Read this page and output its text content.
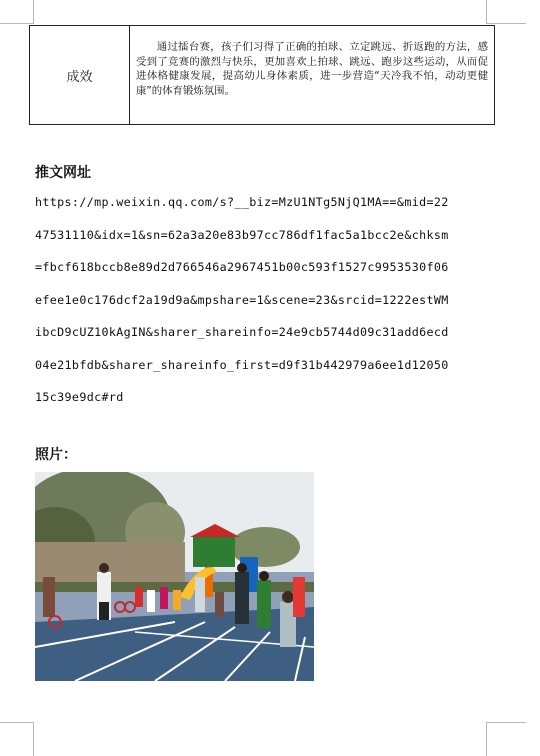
成效
通过擂台赛，孩子们习得了正确的拍球、立定跳远、折返跑的方法，感受到了竞赛的激烈与快乐，更加喜欢上拍球、跳远、跑步这些运动，从而促进体格健康发展，提高幼儿身体素质，进一步营造“天冷我不怕，动动更健康”的体育锻炼氛围。
推文网址
https://mp.weixin.qq.com/s?__biz=MzU1NTg5NjQ1MA==&mid=22
47531110&idx=1&sn=62a3a20e83b97cc786df1fac5a1bcc2e&chksm
=fbcf618bccb8e89d2d766546a2967451b00c593f1527c9953530f06
efee1e0c176dcf2a19d9a&mpshare=1&scene=23&srcid=1222estWM
ibcD9cUZ10kAgIN&sharer_shareinfo=24e9cb5744d09c31add6ecd
04e21bfdb&sharer_shareinfo_first=d9f31b442979a6ee1d12050
15c39e9dc#rd
照片：
